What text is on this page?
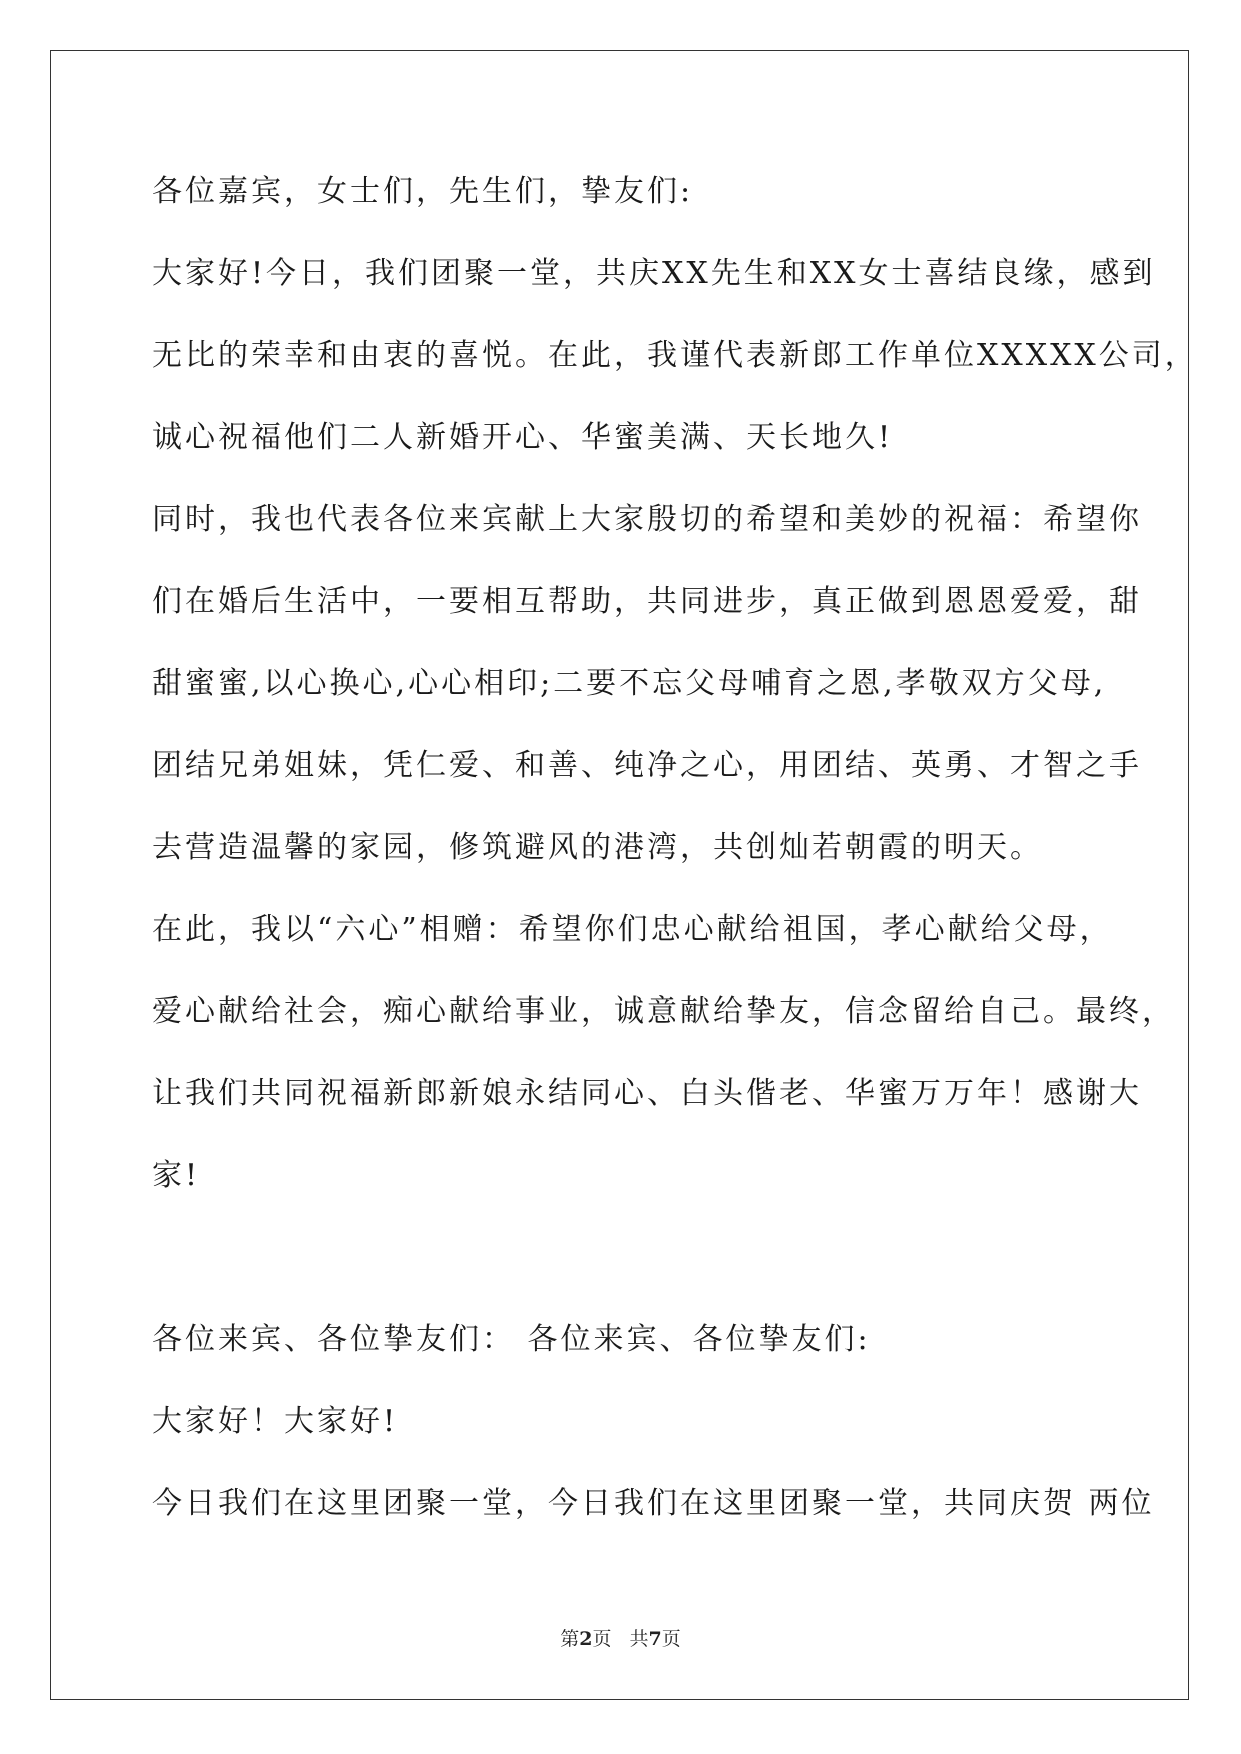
各位嘉宾，女士们，先生们，挚友们:

大家好!今日，我们团聚一堂，共庆XX先生和XX女士喜结良缘，感到

无比的荣幸和由衷的喜悦。在此，我谨代表新郎工作单位XXXXX公司，

诚心祝福他们二人新婚开心、华蜜美满、天长地久!

同时，我也代表各位来宾献上大家殷切的希望和美妙的祝福：希望你

们在婚后生活中，一要相互帮助，共同进步，真正做到恩恩爱爱，甜

甜蜜蜜,以心换心,心心相印;二要不忘父母哺育之恩,孝敬双方父母,

团结兄弟姐妹，凭仁爱、和善、纯净之心，用团结、英勇、才智之手

去营造温馨的家园，修筑避风的港湾，共创灿若朝霞的明天。

在此，我以“六心”相赠：希望你们忠心献给祖国，孝心献给父母，

爱心献给社会，痴心献给事业，诚意献给挚友，信念留给自己。最终，

让我们共同祝福新郎新娘永结同心、白头偕老、华蜜万万年！感谢大

家!

各位来宾、各位挚友们： 各位来宾、各位挚友们:

大家好！大家好!

今日我们在这里团聚一堂，今日我们在这里团聚一堂，共同庆贺 两位

第2页 共7页
